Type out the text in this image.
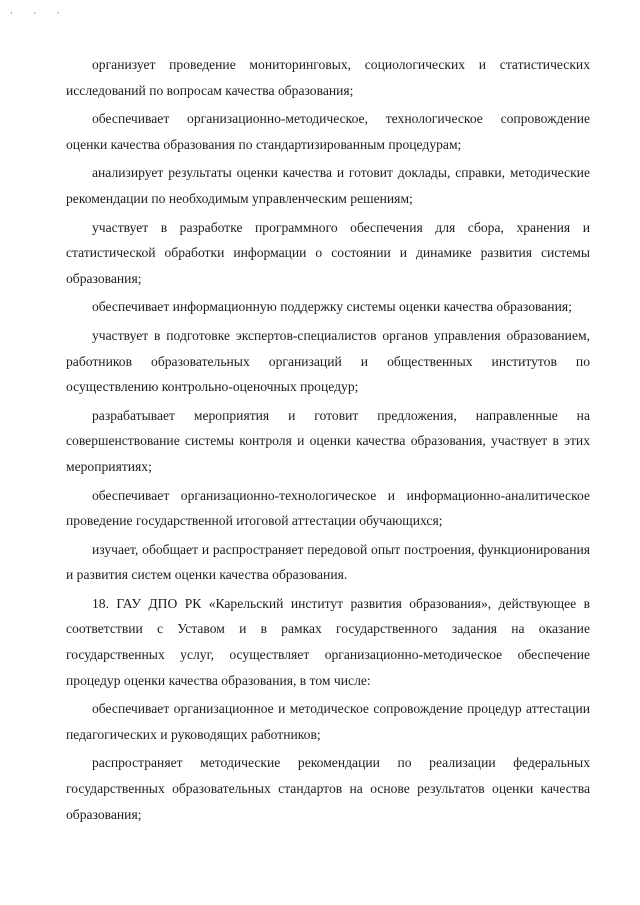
· · ·

организует проведение мониторинговых, социологических и статистических исследований по вопросам качества образования;

обеспечивает организационно-методическое, технологическое сопровождение оценки качества образования по стандартизированным процедурам;

анализирует результаты оценки качества и готовит доклады, справки, методические рекомендации по необходимым управленческим решениям;

участвует в разработке программного обеспечения для сбора, хранения и статистической обработки информации о состоянии и динамике развития системы образования;

обеспечивает информационную поддержку системы оценки качества образования;

участвует в подготовке экспертов-специалистов органов управления образованием, работников образовательных организаций и общественных институтов по осуществлению контрольно-оценочных процедур;

разрабатывает мероприятия и готовит предложения, направленные на совершенствование системы контроля и оценки качества образования, участвует в этих мероприятиях;

обеспечивает организационно-технологическое и информационно-аналитическое проведение государственной итоговой аттестации обучающихся;

изучает, обобщает и распространяет передовой опыт построения, функционирования и развития систем оценки качества образования.

18. ГАУ ДПО РК «Карельский институт развития образования», действующее в соответствии с Уставом и в рамках государственного задания на оказание государственных услуг, осуществляет организационно-методическое обеспечение процедур оценки качества образования, в том числе:

обеспечивает организационное и методическое сопровождение процедур аттестации педагогических и руководящих работников;

распространяет методические рекомендации по реализации федеральных государственных образовательных стандартов на основе результатов оценки качества образования;
